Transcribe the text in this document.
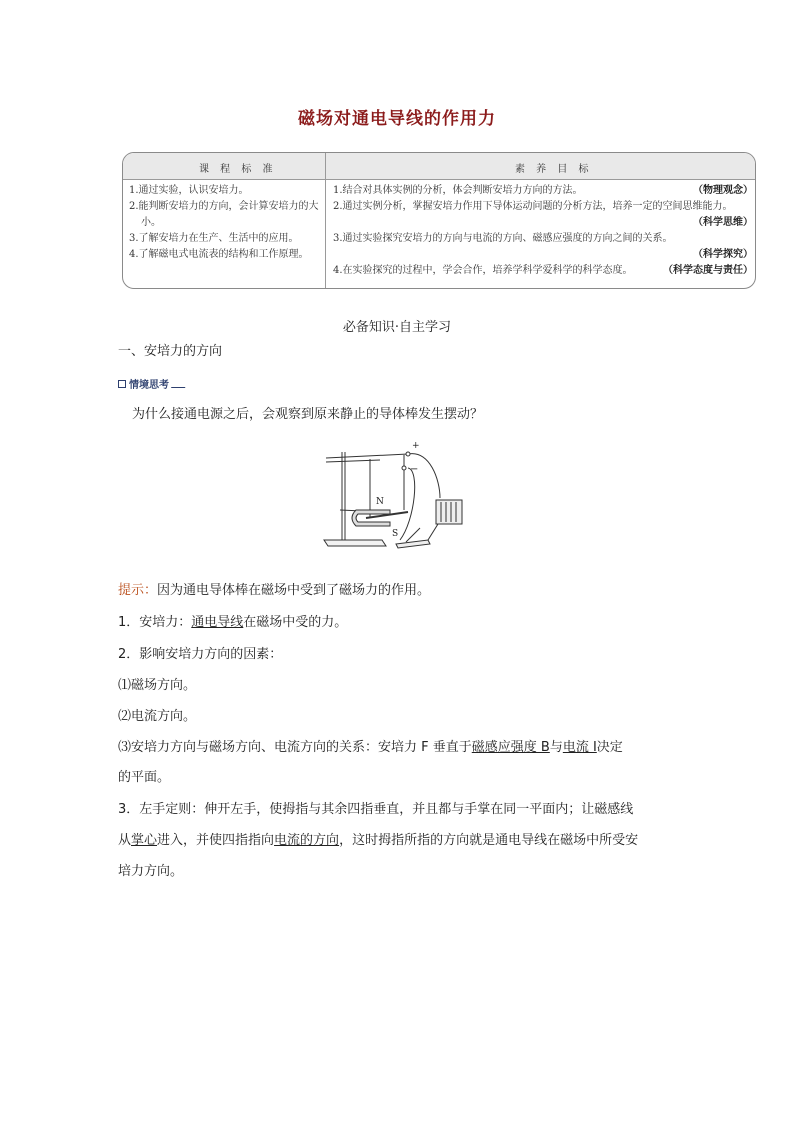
磁场对通电导线的作用力
课 程 标 准	素 养 目 标
1.通过实验，认识安培力。
2.能判断安培力的方向，会计算安培力的大小。
3.了解安培力在生产、生活中的应用。
4.了解磁电式电流表的结构和工作原理。
（物理观念）
1.结合对具体实例的分析，体会判断安培力方向的方法。
2.通过实例分析，掌握安培力作用下导体运动问题的分析方法，培养一定的空间思维能力。
（科学思维）
3.通过实验探究安培力的方向与电流的方向、磁感应强度的方向之间的关系。
（科学探究）
（科学态度与责任）
4.在实验探究的过程中，学会合作，培养学科学爱科学的科学态度。
必备知识·自主学习
一、安培力的方向
情境思考
为什么接通电源之后，会观察到原来静止的导体棒发生摆动？
+
−
N
S
提示：因为通电导体棒在磁场中受到了磁场力的作用。
1．安培力：通电导线在磁场中受的力。
2．影响安培力方向的因素：
⑴磁场方向。
⑵电流方向。
⑶安培力方向与磁场方向、电流方向的关系：安培力 F 垂直于磁感应强度 B与电流 I决定
的平面。
3．左手定则：伸开左手，使拇指与其余四指垂直，并且都与手掌在同一平面内；让磁感线
从掌心进入，并使四指指向电流的方向，这时拇指所指的方向就是通电导线在磁场中所受安
培力方向。
